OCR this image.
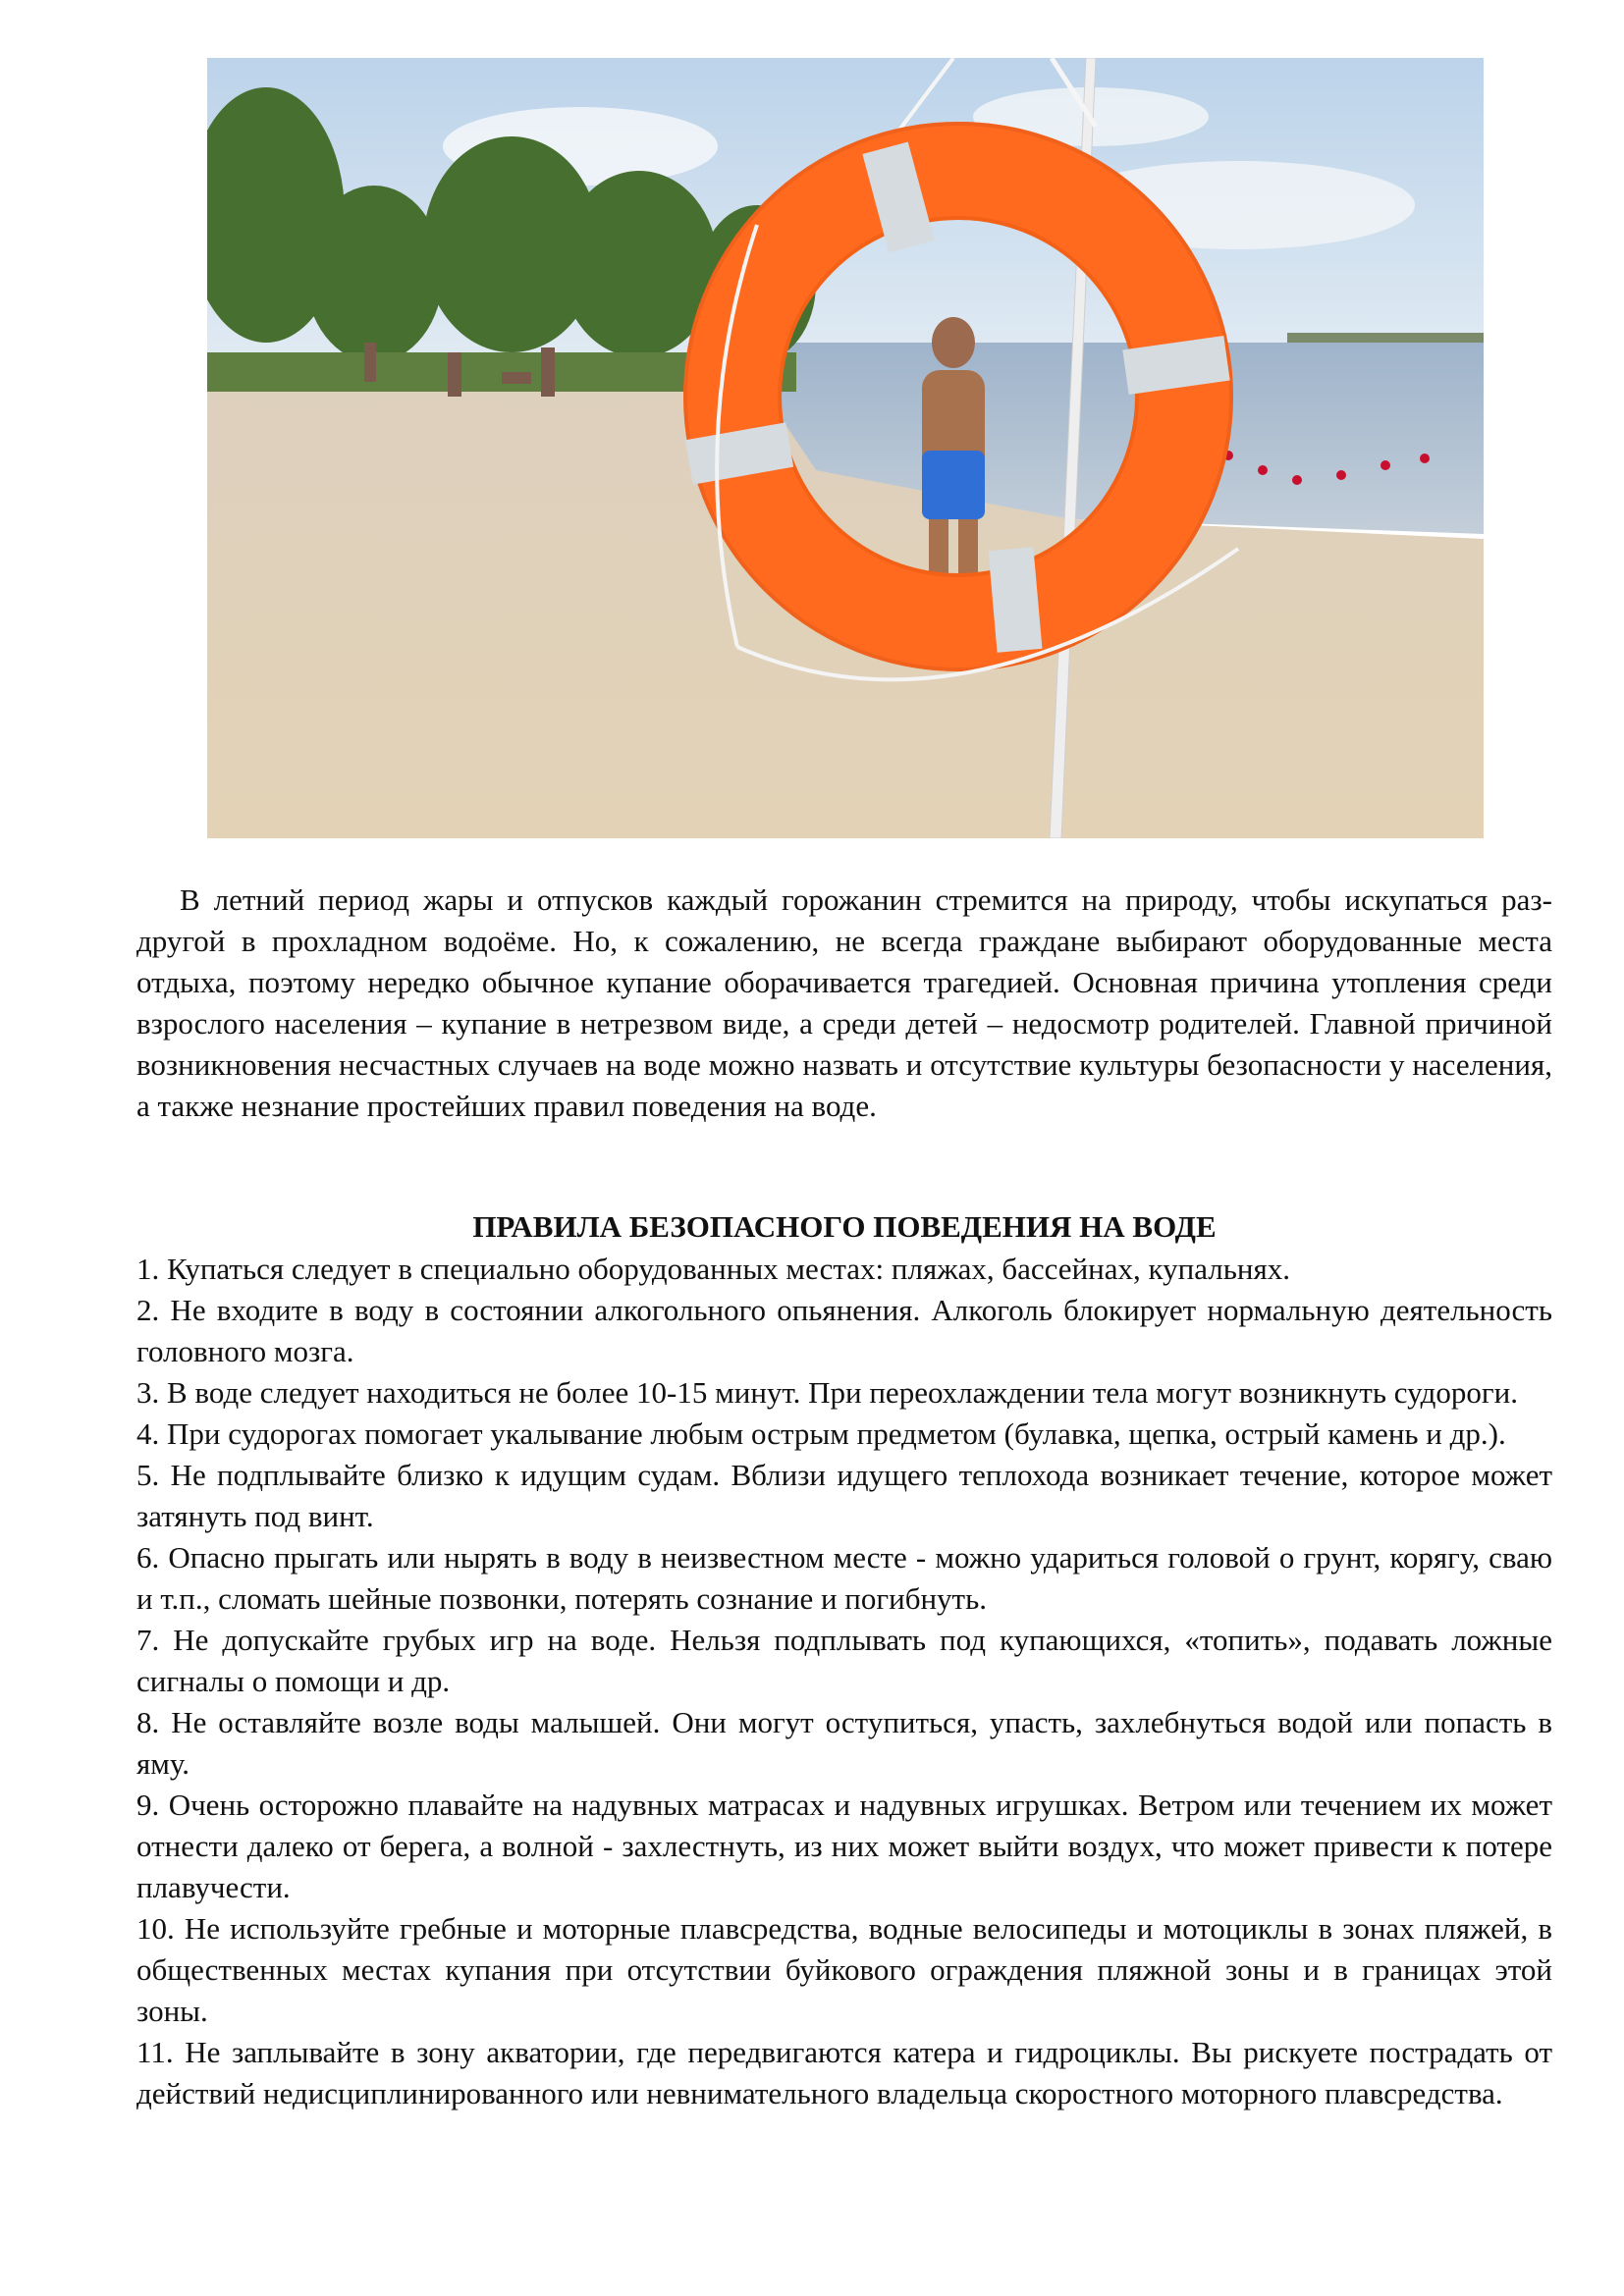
В летний период жары и отпусков каждый горожанин стремится на природу, чтобы искупаться раз-другой в прохладном водоёме. Но, к сожалению, не всегда граждане выбирают оборудованные места отдыха, поэтому нередко обычное купание оборачивается трагедией. Основная причина утопления среди взрослого населения – купание в нетрезвом виде, а среди детей – недосмотр родителей. Главной причиной возникновения несчастных случаев на воде можно назвать и отсутствие культуры безопасности у населения, а также незнание простейших правил поведения на воде.

ПРАВИЛА БЕЗОПАСНОГО ПОВЕДЕНИЯ НА ВОДЕ
1. Купаться следует в специально оборудованных местах: пляжах, бассейнах, купальнях.
2. Не входите в воду в состоянии алкогольного опьянения. Алкоголь блокирует нормальную деятельность головного мозга.
3. В воде следует находиться не более 10-15 минут. При переохлаждении тела могут возникнуть судороги.
4. При судорогах помогает укалывание любым острым предметом (булавка, щепка, острый камень и др.).
5. Не подплывайте близко к идущим судам. Вблизи идущего теплохода возникает течение, которое может затянуть под винт.
6. Опасно прыгать или нырять в воду в неизвестном месте - можно удариться головой о грунт, корягу, сваю и т.п., сломать шейные позвонки, потерять сознание и погибнуть.
7. Не допускайте грубых игр на воде. Нельзя подплывать под купающихся, «топить», подавать ложные сигналы о помощи и др.
8. Не оставляйте возле воды малышей. Они могут оступиться, упасть, захлебнуться водой или попасть в яму.
9. Очень осторожно плавайте на надувных матрасах и надувных игрушках. Ветром или течением их может отнести далеко от берега, а волной - захлестнуть, из них может выйти воздух, что может привести к потере плавучести.
10. Не используйте гребные и моторные плавсредства, водные велосипеды и мотоциклы в зонах пляжей, в общественных местах купания при отсутствии буйкового ограждения пляжной зоны и в границах этой зоны.
11. Не заплывайте в зону акватории, где передвигаются катера и гидроциклы. Вы рискуете пострадать от действий недисциплинированного или невнимательного владельца скоростного моторного плавсредства.
